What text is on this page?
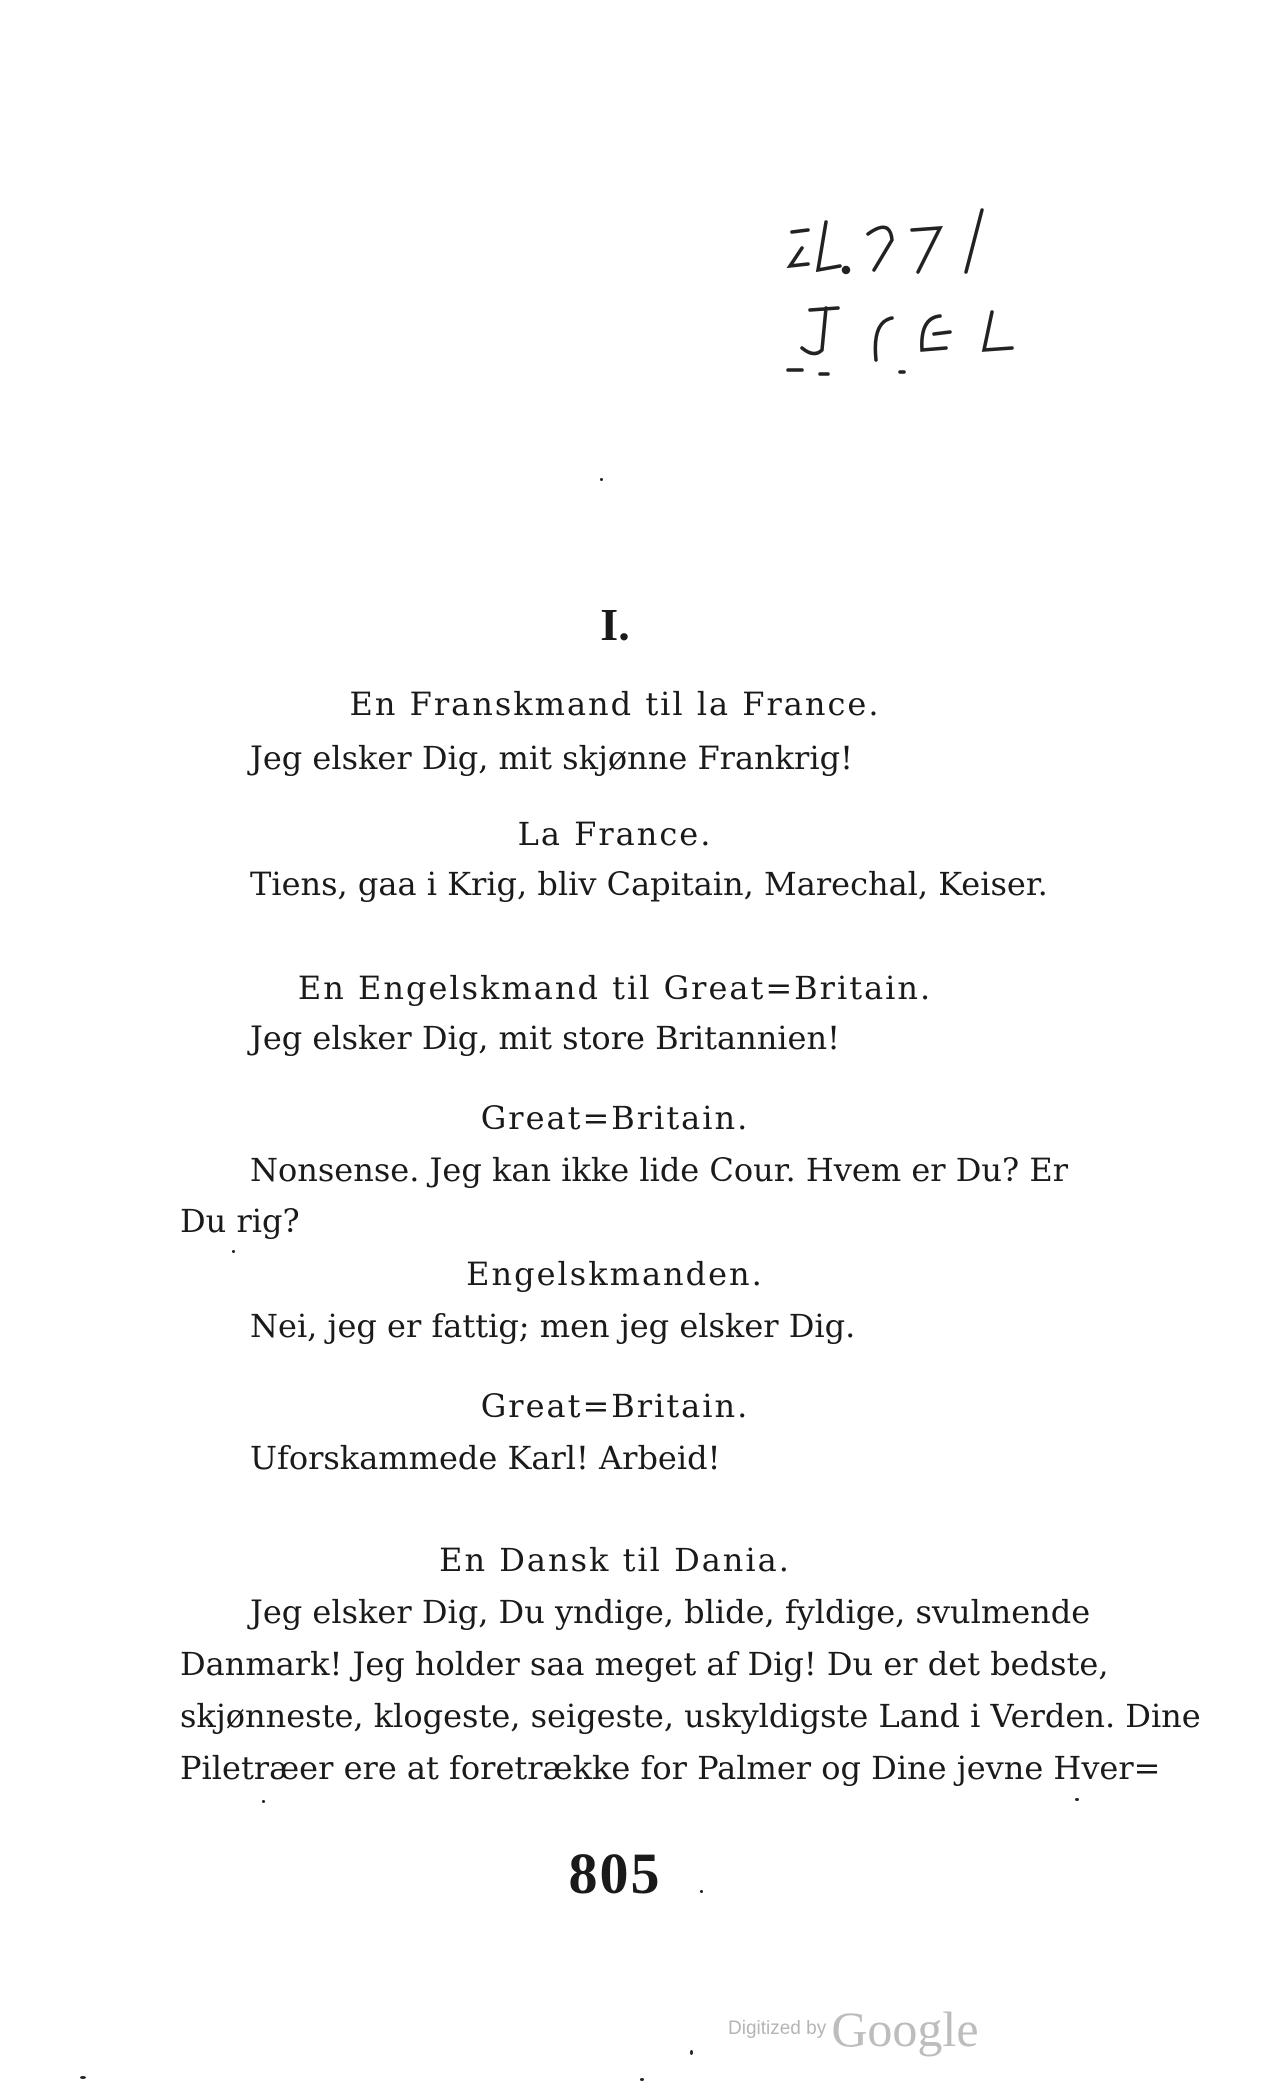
I.
En Franskmand til la France.
Jeg elsker Dig, mit skjønne Frankrig!
La France.
Tiens, gaa i Krig, bliv Capitain, Marechal, Keiser.
En Engelskmand til Great=Britain.
Jeg elsker Dig, mit store Britannien!
Great=Britain.
Nonsense. Jeg kan ikke lide Cour. Hvem er Du? Er
Du rig?
Engelskmanden.
Nei, jeg er fattig; men jeg elsker Dig.
Great=Britain.
Uforskammede Karl! Arbeid!
En Dansk til Dania.
Jeg elsker Dig, Du yndige, blide, fyldige, svulmende
Danmark! Jeg holder saa meget af Dig! Du er det bedste,
skjønneste, klogeste, seigeste, uskyldigste Land i Verden. Dine
Piletræer ere at foretrække for Palmer og Dine jevne Hver=
805
Digitized by Google
